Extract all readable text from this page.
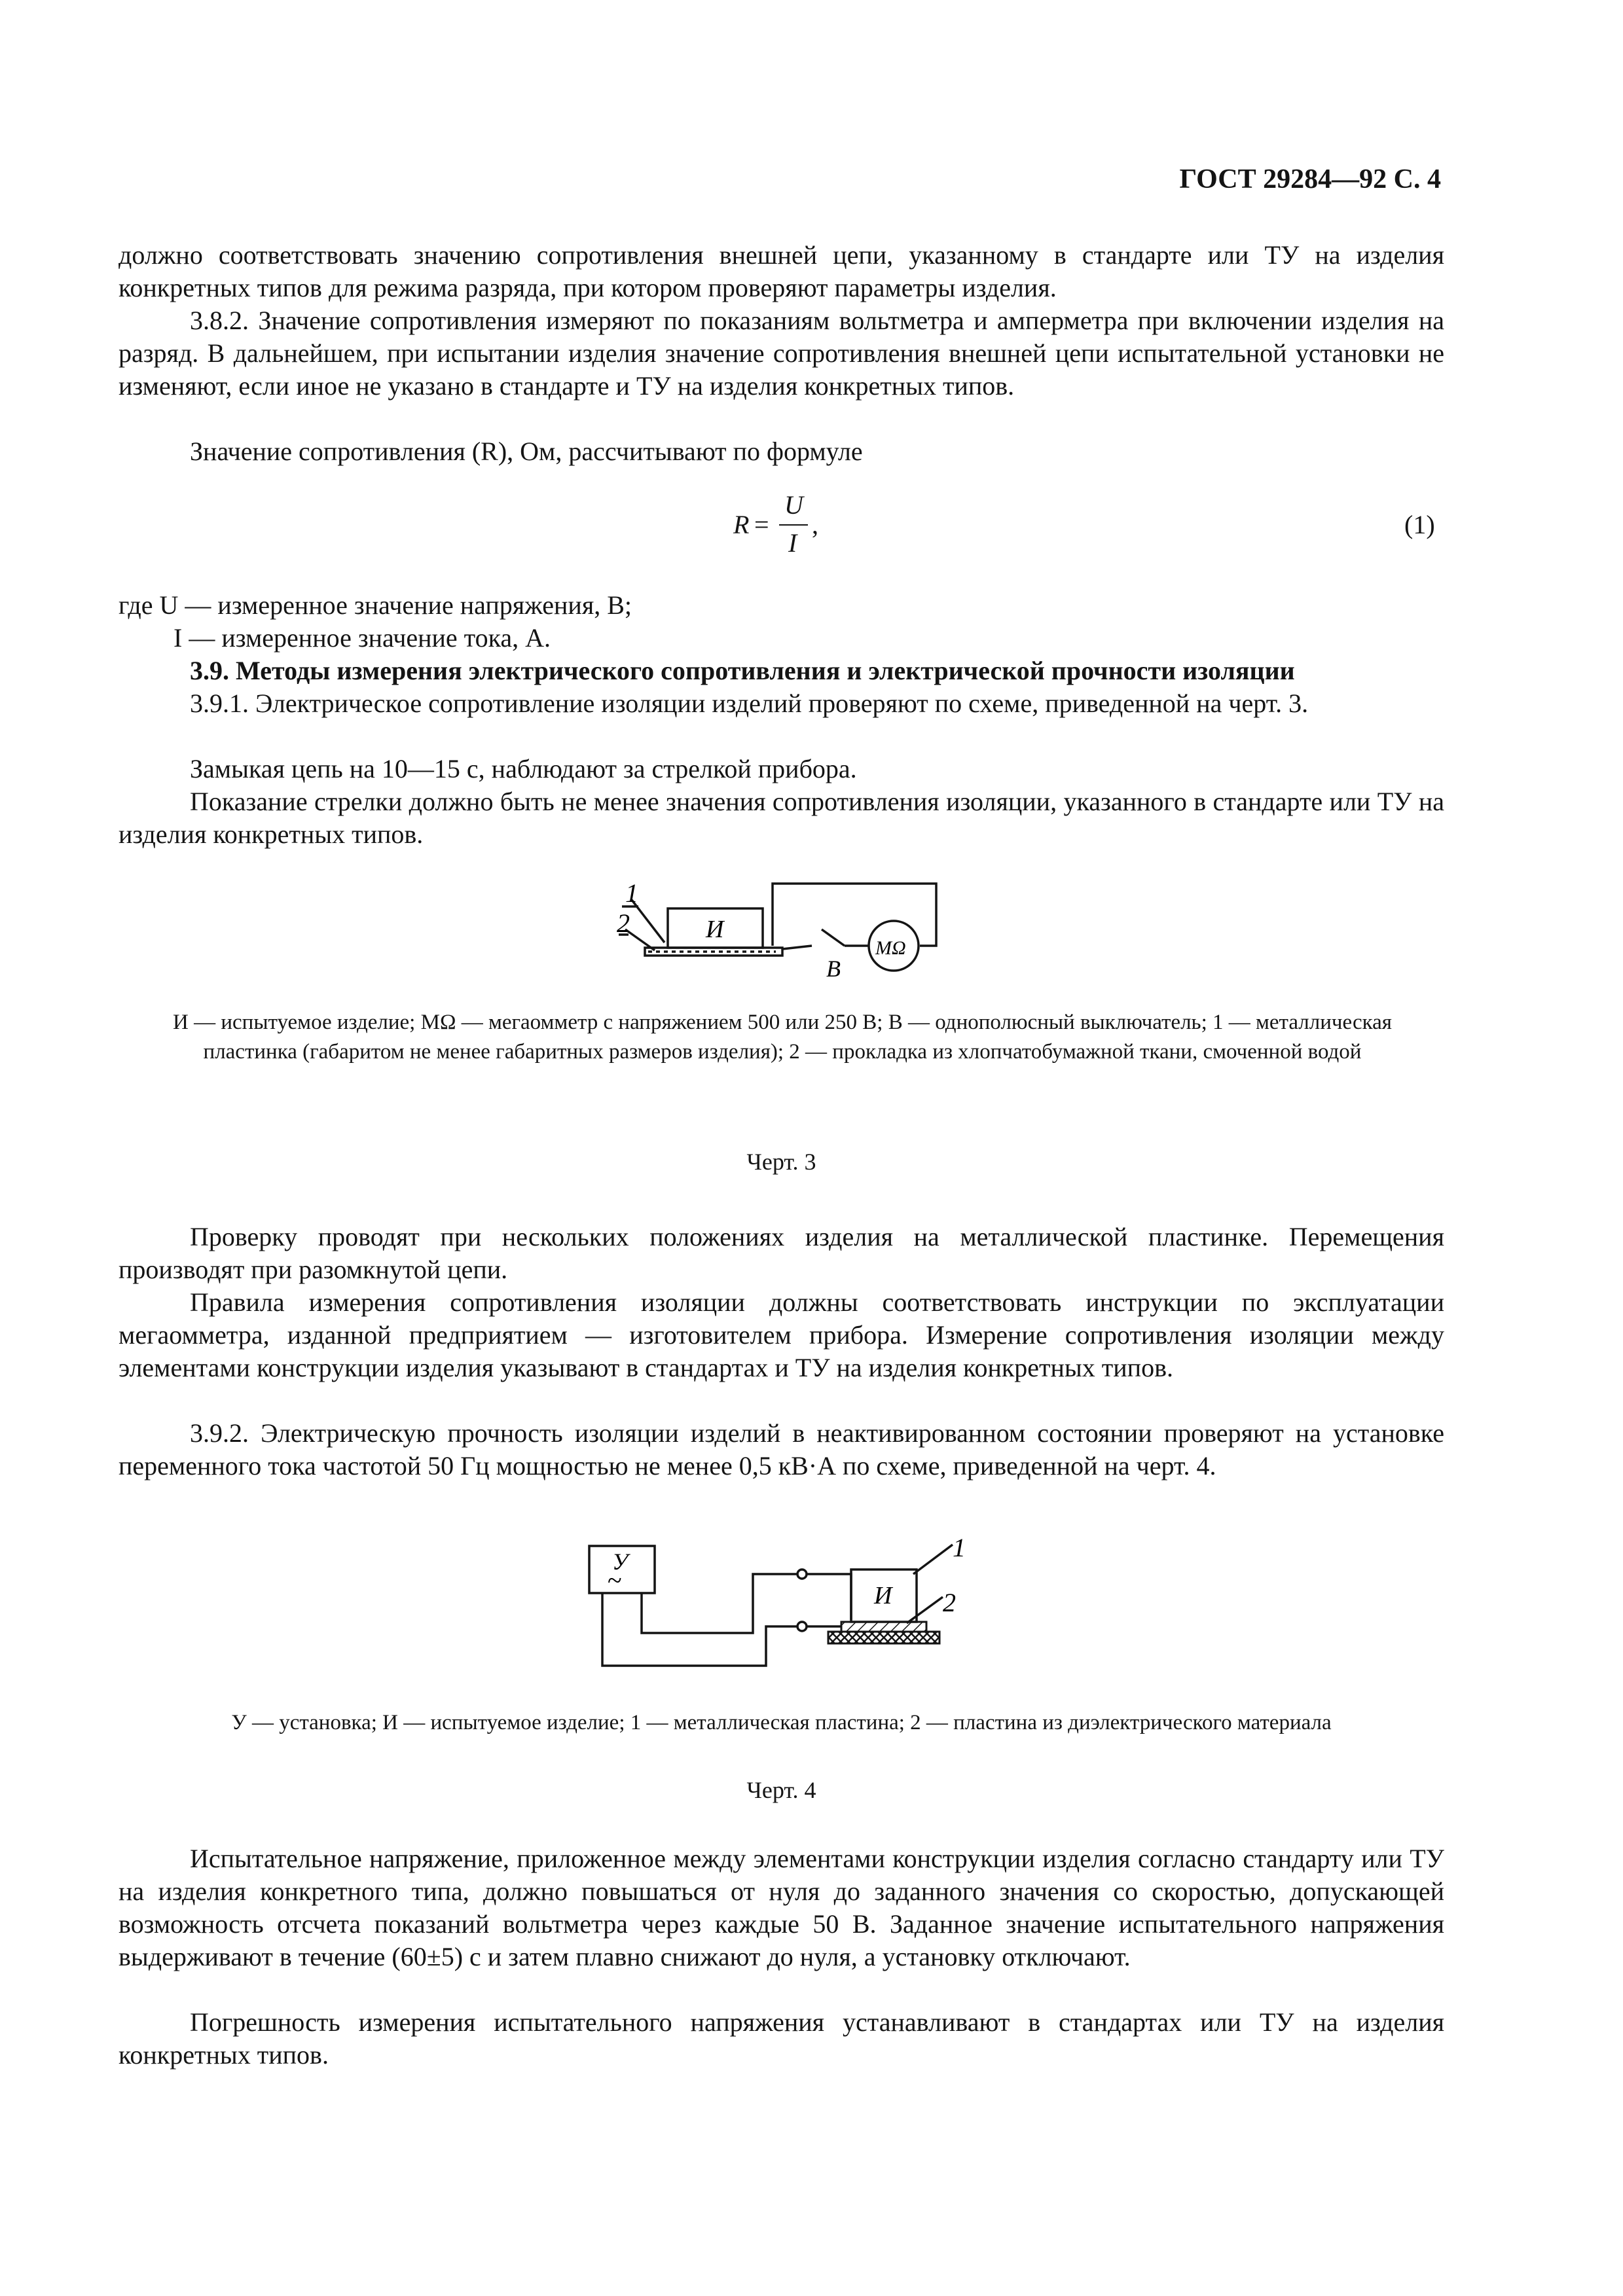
ГОСТ 29284—92 С. 4

должно соответствовать значению сопротивления внешней цепи, указанному в стандарте или ТУ на изделия конкретных типов для режима разряда, при котором проверяют параметры изделия.

3.8.2. Значение сопротивления измеряют по показаниям вольтметра и амперметра при включении изделия на разряд. В дальнейшем, при испытании изделия значение сопротивления внешней цепи испытательной установки не изменяют, если иное не указано в стандарте и ТУ на изделия конкретных типов.

Значение сопротивления (R), Ом, рассчитывают по формуле

R =
U
I
,	(1)

где U — измеренное значение напряжения, В;

I — измеренное значение тока, А.

3.9. Методы измерения электрического сопротивления и электрической прочности изоляции

3.9.1. Электрическое сопротивление изоляции изделий проверяют по схеме, приведенной на черт. 3.

Замыкая цепь на 10—15 с, наблюдают за стрелкой прибора.

Показание стрелки должно быть не менее значения сопротивления изоляции, указанного в стандарте или ТУ на изделия конкретных типов.

1
2	И
В
МΩ

И — испытуемое изделие; MΩ — мегаомметр с напряжением 500 или 250 В; В — однополюсный выключатель; 1 — металлическая пластинка (габаритом не менее габаритных размеров изделия); 2 — прокладка из хлопчатобумажной ткани, смоченной водой

Черт. 3

Проверку проводят при нескольких положениях изделия на металлической пластинке. Перемещения производят при разомкнутой цепи.

Правила измерения сопротивления изоляции должны соответствовать инструкции по эксплуатации мегаомметра, изданной предприятием — изготовителем прибора. Измерение сопротивления изоляции между элементами конструкции изделия указывают в стандартах и ТУ на изделия конкретных типов.

3.9.2. Электрическую прочность изоляции изделий в неактивированном состоянии проверяют на установке переменного тока частотой 50 Гц мощностью не менее 0,5 кВ·А по схеме, приведенной на черт. 4.

У
~
И
1
2

У — установка; И — испытуемое изделие; 1 — металлическая пластина; 2 — пластина из диэлектрического материала

Черт. 4

Испытательное напряжение, приложенное между элементами конструкции изделия согласно стандарту или ТУ на изделия конкретного типа, должно повышаться от нуля до заданного значения со скоростью, допускающей возможность отсчета показаний вольтметра через каждые 50 В. Заданное значение испытательного напряжения выдерживают в течение (60±5) с и затем плавно снижают до нуля, а установку отключают.

Погрешность измерения испытательного напряжения устанавливают в стандартах или ТУ на изделия конкретных типов.
